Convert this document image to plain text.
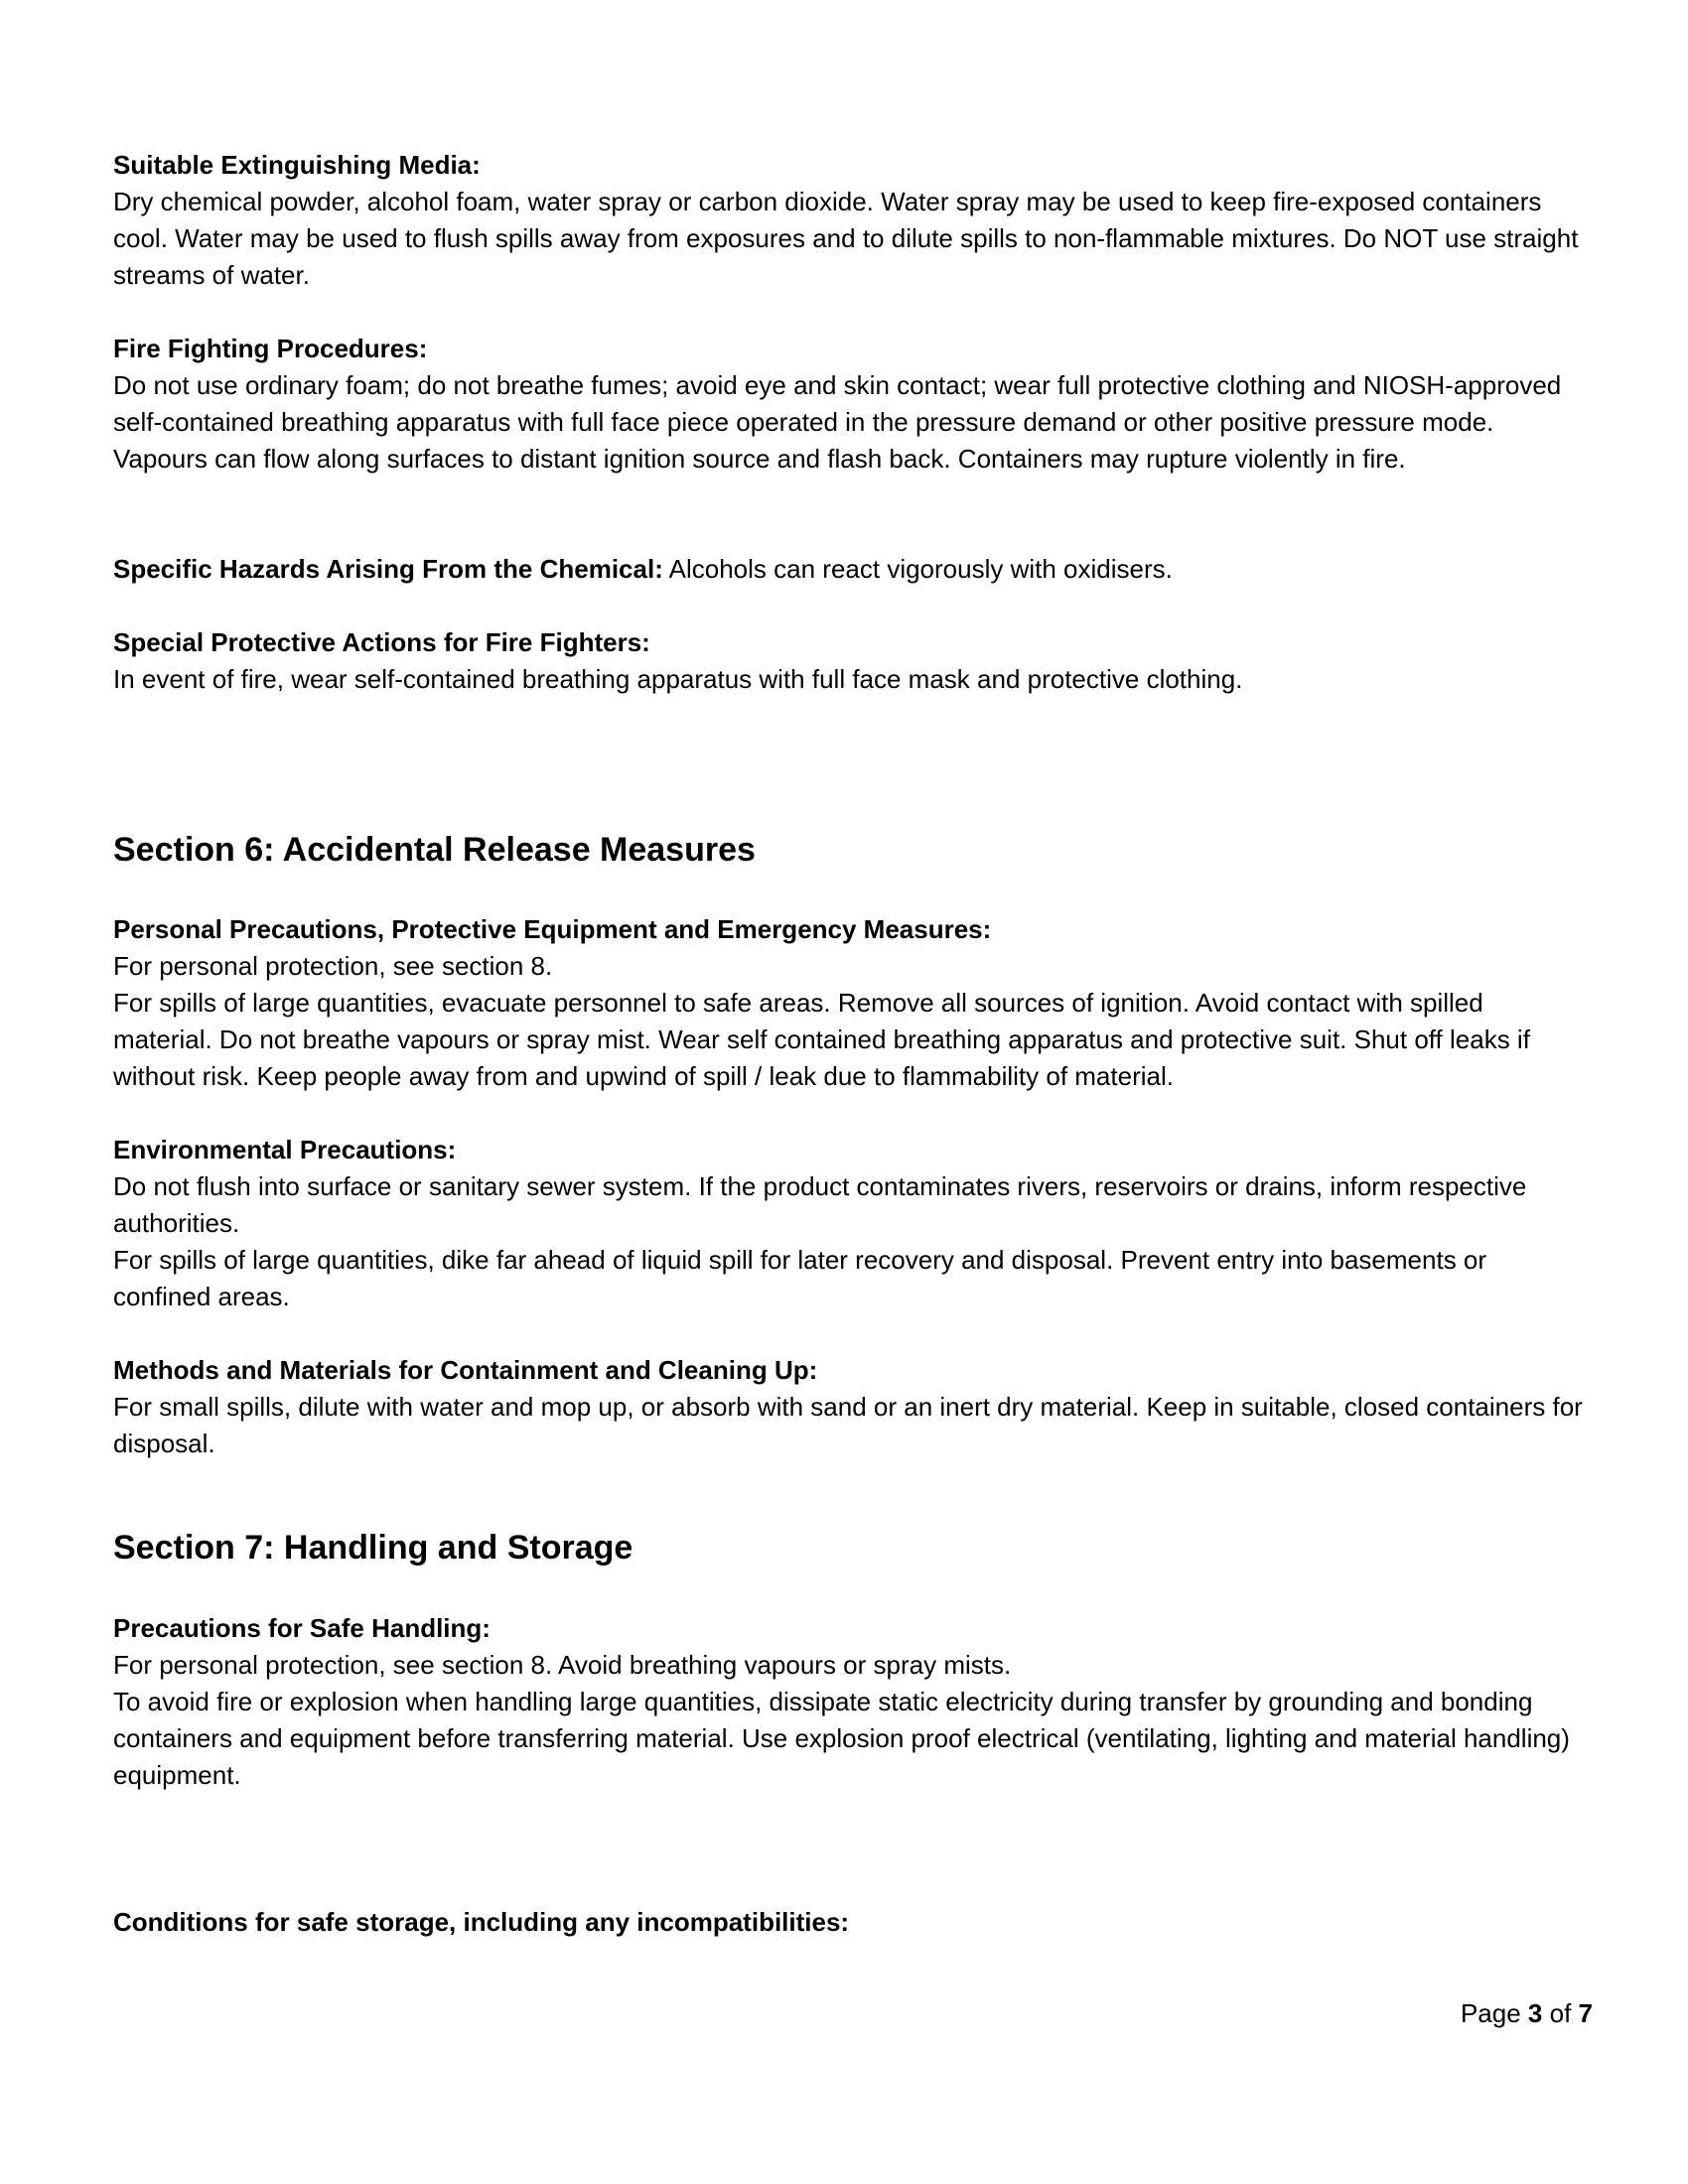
Suitable Extinguishing Media:
Dry chemical powder, alcohol foam, water spray or carbon dioxide. Water spray may be used to keep fire-exposed containers cool. Water may be used to flush spills away from exposures and to dilute spills to non-flammable mixtures. Do NOT use straight streams of water.
Fire Fighting Procedures:
Do not use ordinary foam; do not breathe fumes; avoid eye and skin contact; wear full protective clothing and NIOSH-approved self-contained breathing apparatus with full face piece operated in the pressure demand or other positive pressure mode. Vapours can flow along surfaces to distant ignition source and flash back. Containers may rupture violently in fire.
Specific Hazards Arising From the Chemical: Alcohols can react vigorously with oxidisers.
Special Protective Actions for Fire Fighters:
In event of fire, wear self-contained breathing apparatus with full face mask and protective clothing.
Section 6: Accidental Release Measures
Personal Precautions, Protective Equipment and Emergency Measures:
For personal protection, see section 8.
For spills of large quantities, evacuate personnel to safe areas. Remove all sources of ignition. Avoid contact with spilled material. Do not breathe vapours or spray mist. Wear self contained breathing apparatus and protective suit. Shut off leaks if without risk. Keep people away from and upwind of spill / leak due to flammability of material.
Environmental Precautions:
Do not flush into surface or sanitary sewer system. If the product contaminates rivers, reservoirs or drains, inform respective authorities.
For spills of large quantities, dike far ahead of liquid spill for later recovery and disposal. Prevent entry into basements or confined areas.
Methods and Materials for Containment and Cleaning Up:
For small spills, dilute with water and mop up, or absorb with sand or an inert dry material. Keep in suitable, closed containers for disposal.
Section 7: Handling and Storage
Precautions for Safe Handling:
For personal protection, see section 8. Avoid breathing vapours or spray mists.
To avoid fire or explosion when handling large quantities, dissipate static electricity during transfer by grounding and bonding containers and equipment before transferring material. Use explosion proof electrical (ventilating, lighting and material handling) equipment.
Conditions for safe storage, including any incompatibilities:
Page 3 of 7
